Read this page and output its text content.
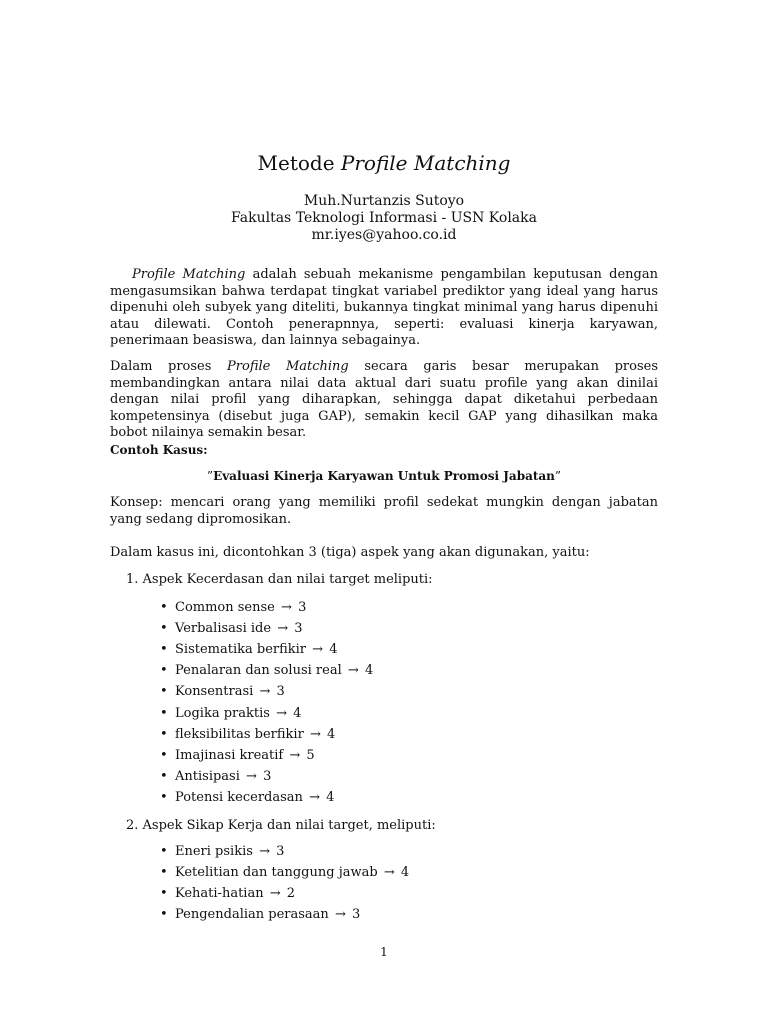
Metode Profile Matching
Muh.Nurtanzis Sutoyo
Fakultas Teknologi Informasi - USN Kolaka
mr.iyes@yahoo.co.id
Profile Matching adalah sebuah mekanisme pengambilan keputusan dengan mengasumsikan bahwa terdapat tingkat variabel prediktor yang ideal yang harus dipenuhi oleh subyek yang diteliti, bukannya tingkat minimal yang harus dipenuhi atau dilewati. Contoh penerapnnya, seperti: evaluasi kinerja karyawan, penerimaan beasiswa, dan lainnya sebagainya.
Dalam proses Profile Matching secara garis besar merupakan proses membandingkan antara nilai data aktual dari suatu profile yang akan dinilai dengan nilai profil yang diharapkan, sehingga dapat diketahui perbedaan kompetensinya (disebut juga GAP), semakin kecil GAP yang dihasilkan maka bobot nilainya semakin besar.
Contoh Kasus:
”Evaluasi Kinerja Karyawan Untuk Promosi Jabatan”
Konsep: mencari orang yang memiliki profil sedekat mungkin dengan jabatan yang sedang dipromosikan.
Dalam kasus ini, dicontohkan 3 (tiga) aspek yang akan digunakan, yaitu:
1. Aspek Kecerdasan dan nilai target meliputi:
• Common sense → 3
• Verbalisasi ide → 3
• Sistematika berfikir → 4
• Penalaran dan solusi real → 4
• Konsentrasi → 3
• Logika praktis → 4
• fleksibilitas berfikir → 4
• Imajinasi kreatif → 5
• Antisipasi → 3
• Potensi kecerdasan → 4
2. Aspek Sikap Kerja dan nilai target, meliputi:
• Eneri psikis → 3
• Ketelitian dan tanggung jawab → 4
• Kehati-hatian → 2
• Pengendalian perasaan → 3
1
